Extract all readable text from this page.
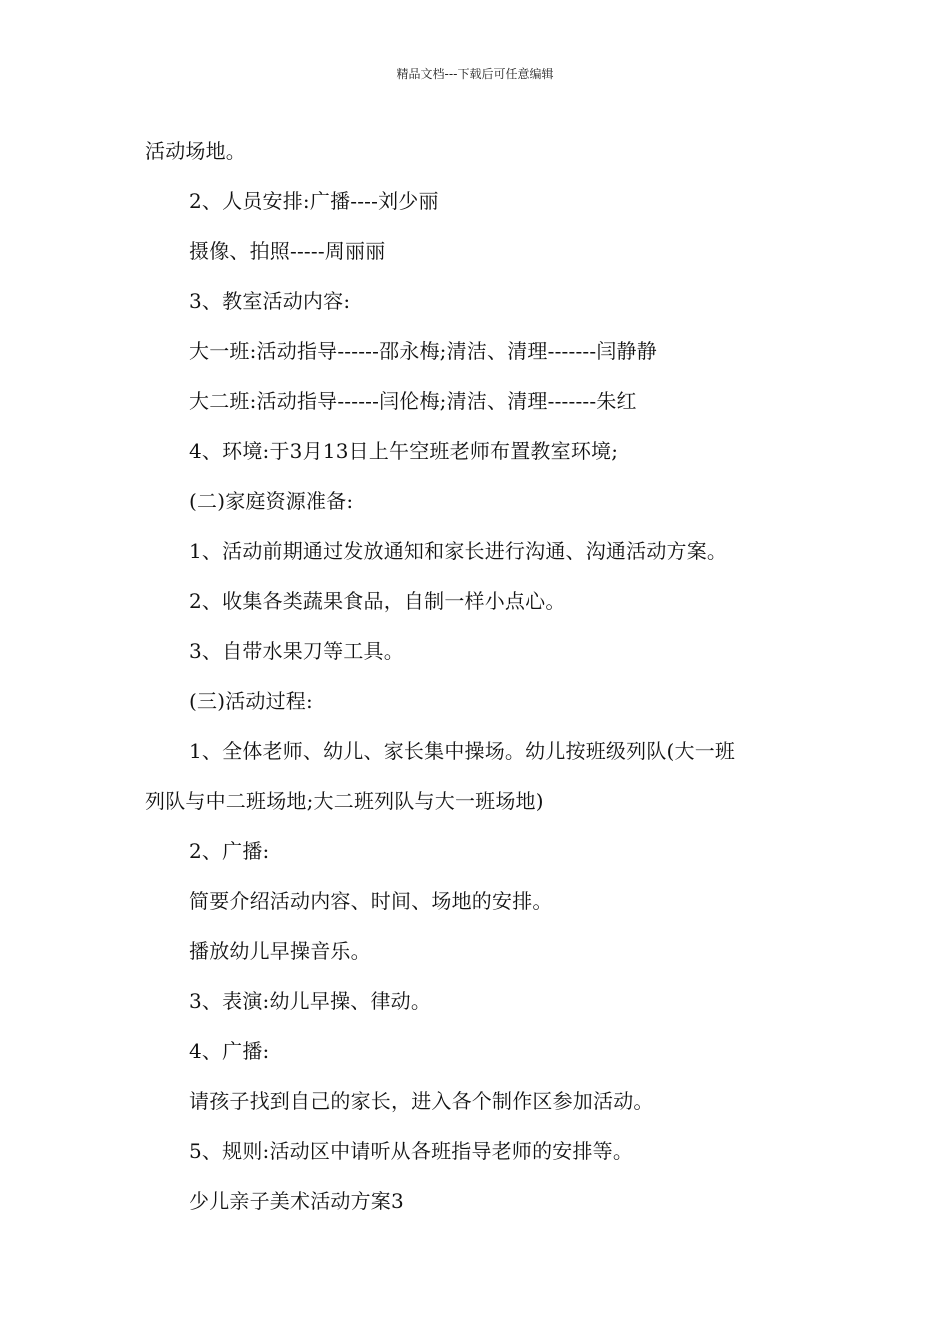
精品文档---下载后可任意编辑
活动场地。
2、人员安排:广播----刘少丽
摄像、拍照-----周丽丽
3、教室活动内容:
大一班:活动指导------邵永梅;清洁、清理-------闫静静
大二班:活动指导------闫伦梅;清洁、清理-------朱红
4、环境:于3月13日上午空班老师布置教室环境;
(二)家庭资源准备:
1、活动前期通过发放通知和家长进行沟通、沟通活动方案。
2、收集各类蔬果食品，自制一样小点心。
3、自带水果刀等工具。
(三)活动过程:
1、全体老师、幼儿、家长集中操场。幼儿按班级列队(大一班
列队与中二班场地;大二班列队与大一班场地)
2、广播:
简要介绍活动内容、时间、场地的安排。
播放幼儿早操音乐。
3、表演:幼儿早操、律动。
4、广播:
请孩子找到自己的家长，进入各个制作区参加活动。
5、规则:活动区中请听从各班指导老师的安排等。
少儿亲子美术活动方案3
